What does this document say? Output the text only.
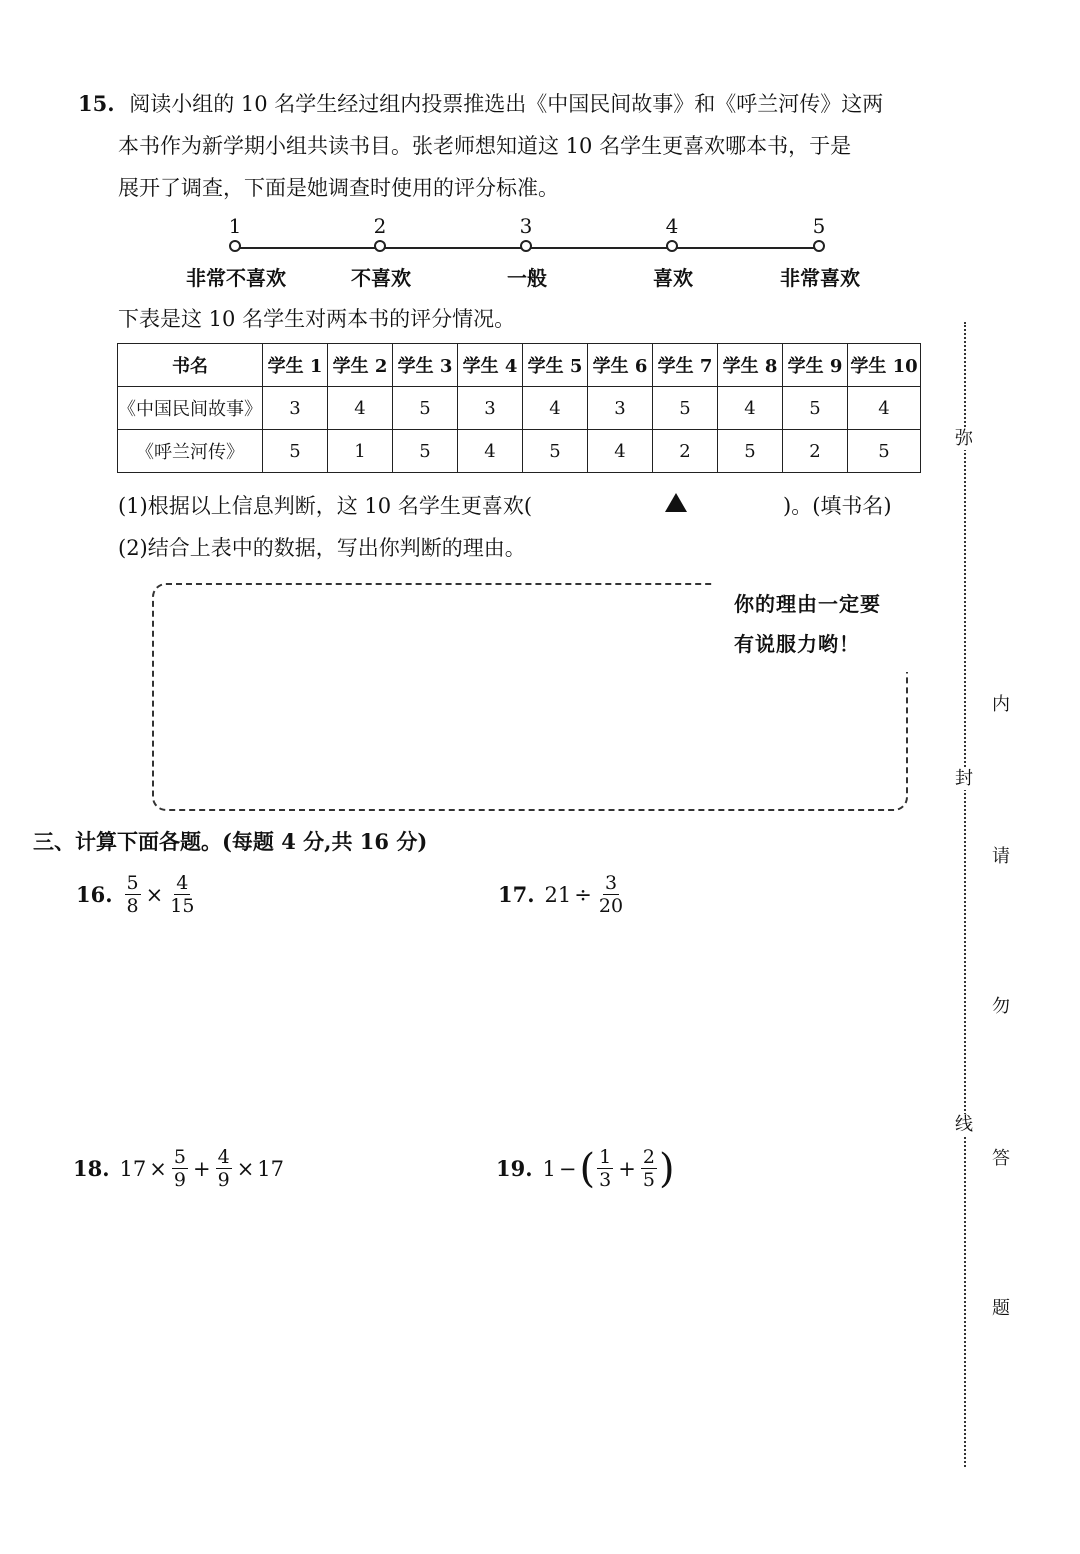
15. 阅读小组的 10 名学生经过组内投票推选出《中国民间故事》和《呼兰河传》这两
本书作为新学期小组共读书目。张老师想知道这 10 名学生更喜欢哪本书，于是
展开了调查，下面是她调查时使用的评分标准。
1	2	3	4	5
非常不喜欢	不喜欢	一般	喜欢	非常喜欢
下表是这 10 名学生对两本书的评分情况。
书名	学生 1	学生 2	学生 3	学生 4	学生 5	学生 6	学生 7	学生 8	学生 9	学生 10
《中国民间故事》	3	4	5	3	4	3	5	4	5	4
《呼兰河传》	5	1	5	4	5	4	2	5	2	5
(1)根据以上信息判断，这 10 名学生更喜欢(	)。(填书名)
(2)结合上表中的数据，写出你判断的理由。
你的理由一定要
有说服力哟！
三、计算下面各题。(每题 4 分,共 16 分)
16. $\frac{5}{8} \times \frac{4}{15}$	17. $21 \div \frac{3}{20}$
18. $17 \times \frac{5}{9} + \frac{4}{9} \times 17$	19. 1 − ( $\frac{1}{3} + \frac{2}{5}$ )
弥
封
线
内
请
勿
答
题
